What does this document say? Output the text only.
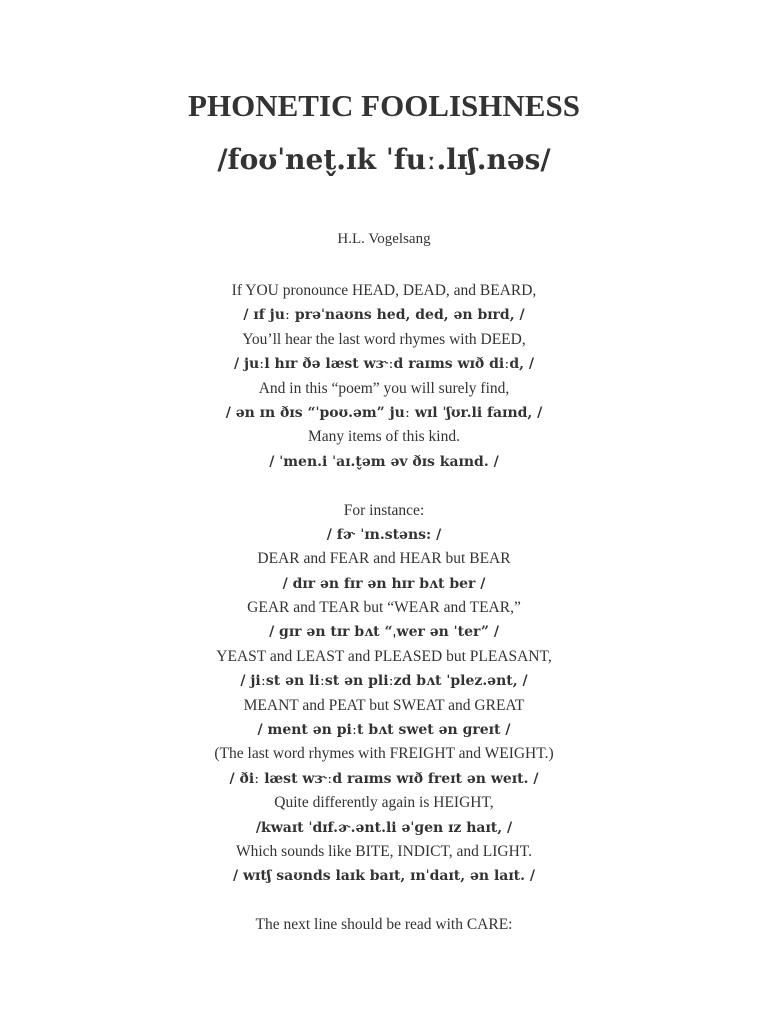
PHONETIC FOOLISHNESS
/foʊˈnet̬.ɪk ˈfuː.lɪʃ.nəs/
H.L. Vogelsang
If YOU pronounce HEAD, DEAD, and BEARD,
/ ɪf juː prəˈnaʊns hed, ded, ən bɪrd, /
You’ll hear the last word rhymes with DEED,
/ juːl hɪr ðə læst wɝːd raɪms wɪð diːd, /
And in this “poem” you will surely find,
/ ən ɪn ðɪs “ˈpoʊ.əm” juː wɪl ˈʃʊr.li faɪnd, /
Many items of this kind.
/ ˈmen.i ˈaɪ.t̬əm əv ðɪs kaɪnd. /
For instance:
/ fɚ ˈɪn.stəns: /
DEAR and FEAR and HEAR but BEAR
/ dɪr ən fɪr ən hɪr bʌt ber /
GEAR and TEAR but “WEAR and TEAR,”
/ ɡɪr ən tɪr bʌt “ˌwer ən ˈter” /
YEAST and LEAST and PLEASED but PLEASANT,
/ jiːst ən liːst ən pliːzd bʌt ˈplez.ənt, /
MEANT and PEAT but SWEAT and GREAT
/ ment ən piːt bʌt swet ən ɡreɪt /
(The last word rhymes with FREIGHT and WEIGHT.)
/ ðiː læst wɝːd raɪms wɪð freɪt ən weɪt. /
Quite differently again is HEIGHT,
/kwaɪt ˈdɪf.ɚ.ənt.li əˈɡen ɪz haɪt, /
Which sounds like BITE, INDICT, and LIGHT.
/ wɪtʃ saʊnds laɪk baɪt, ɪnˈdaɪt, ən laɪt. /
The next line should be read with CARE:
